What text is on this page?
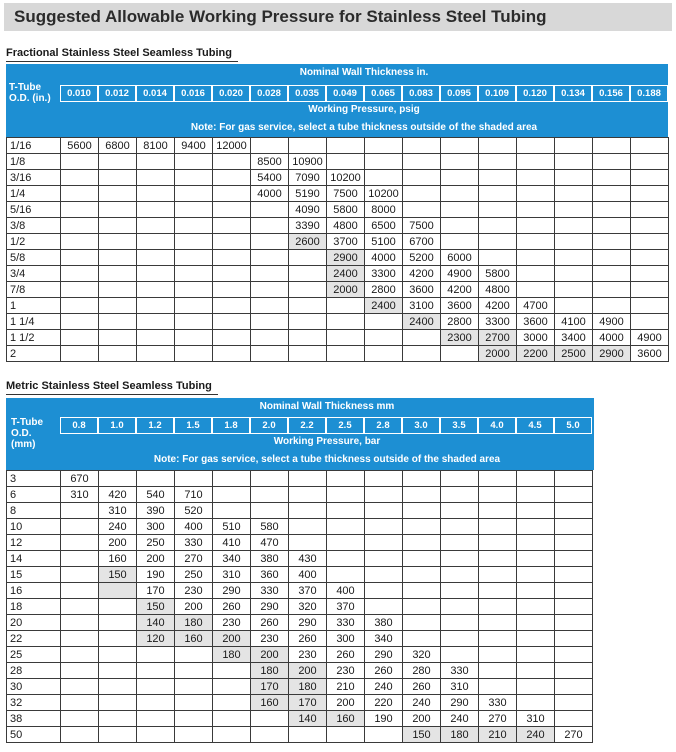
Suggested Allowable Working Pressure for Stainless Steel Tubing
Fractional Stainless Steel Seamless Tubing
T-Tube
O.D. (in.)
Nominal Wall Thickness in.
0.010	0.012	0.014	0.016	0.020	0.028	0.035	0.049	0.065	0.083	0.095	0.109	0.120	0.134	0.156	0.188
Working Pressure, psig
Note: For gas service, select a tube thickness outside of the shaded area
1/16	5600	6800	8100	9400	12000											
1/8						8500	10900									
3/16						5400	7090	10200								
1/4						4000	5190	7500	10200							
5/16							4090	5800	8000							
3/8							3390	4800	6500	7500						
1/2							2600	3700	5100	6700						
5/8								2900	4000	5200	6000					
3/4								2400	3300	4200	4900	5800				
7/8								2000	2800	3600	4200	4800				
1									2400	3100	3600	4200	4700			
1 1/4										2400	2800	3300	3600	4100	4900	
1 1/2											2300	2700	3000	3400	4000	4900
2												2000	2200	2500	2900	3600
Metric Stainless Steel Seamless Tubing
T-Tube
O.D.
(mm)
Nominal Wall Thickness mm
0.8	1.0	1.2	1.5	1.8	2.0	2.2	2.5	2.8	3.0	3.5	4.0	4.5	5.0
Working Pressure, bar
Note: For gas service, select a tube thickness outside of the shaded area
3	670													
6	310	420	540	710										
8		310	390	520										
10		240	300	400	510	580								
12		200	250	330	410	470								
14		160	200	270	340	380	430							
15		150	190	250	310	360	400							
16			170	230	290	330	370	400						
18			150	200	260	290	320	370						
20			140	180	230	260	290	330	380					
22			120	160	200	230	260	300	340					
25					180	200	230	260	290	320				
28						180	200	230	260	280	330			
30						170	180	210	240	260	310			
32						160	170	200	220	240	290	330		
38							140	160	190	200	240	270	310	
50										150	180	210	240	270
